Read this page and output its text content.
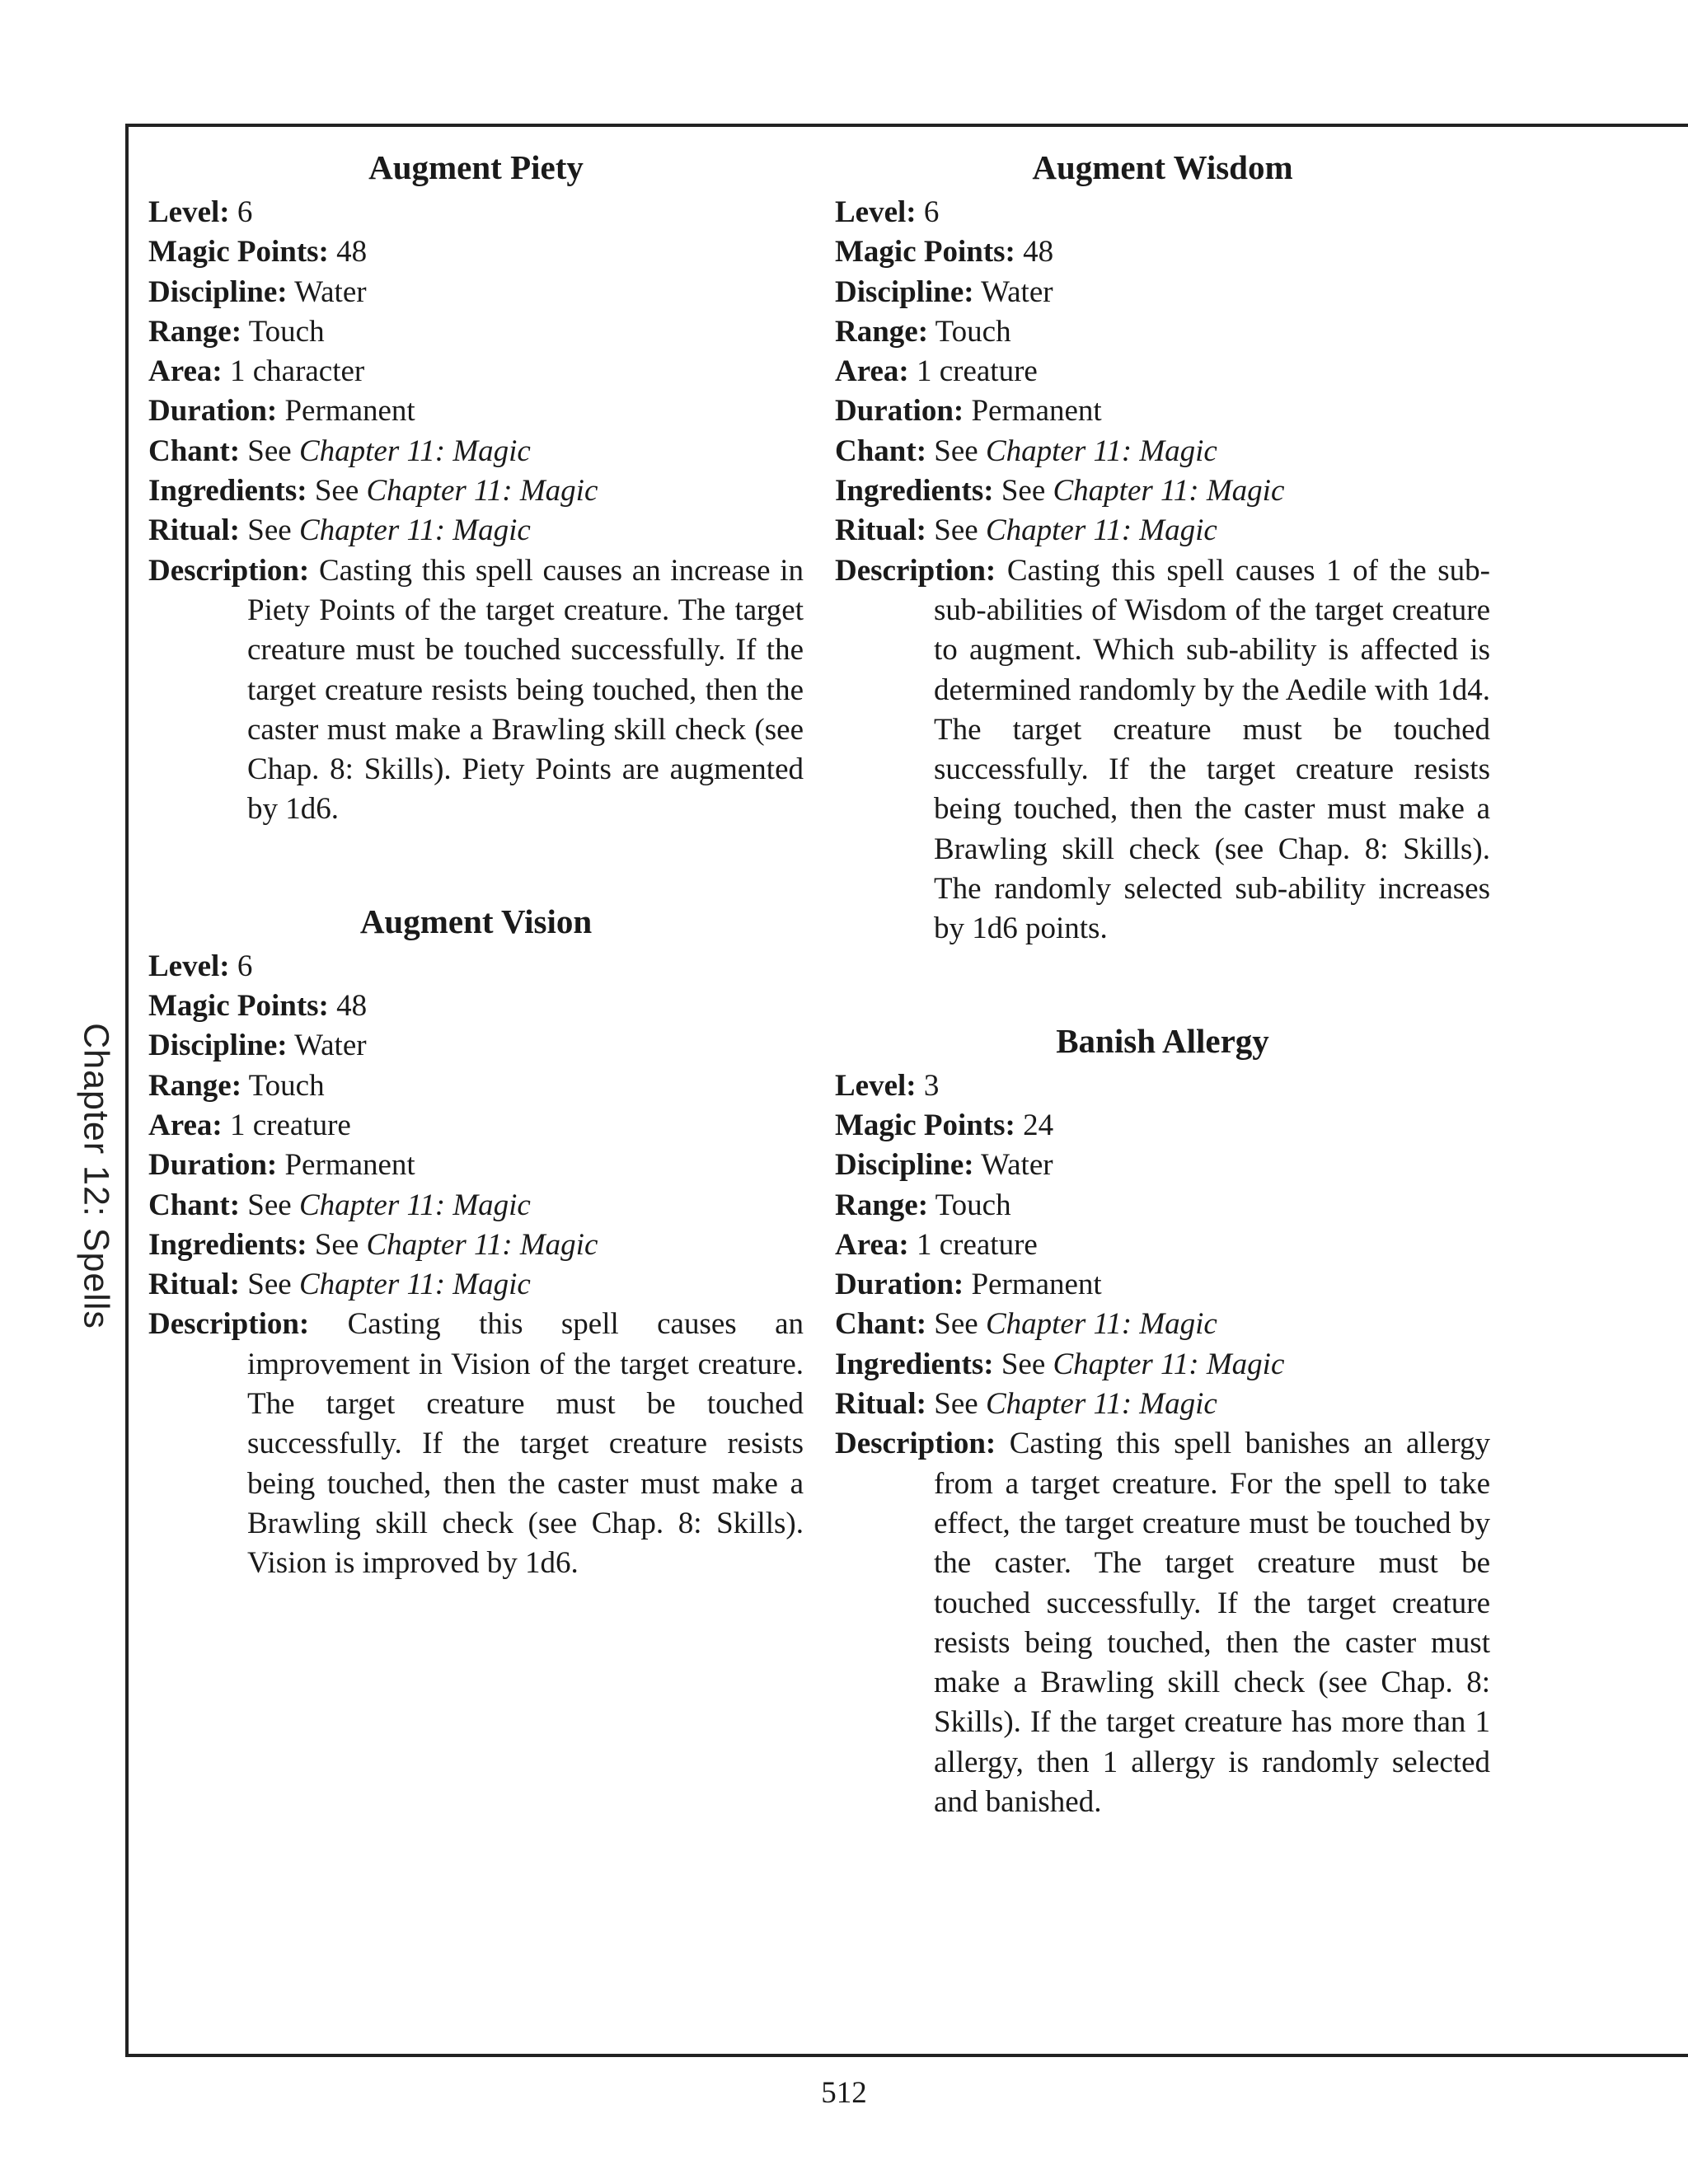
Chapter 12: Spells
Augment Piety
Level: 6
Magic Points: 48
Discipline: Water
Range: Touch
Area: 1 character
Duration: Permanent
Chant: See Chapter 11: Magic
Ingredients: See Chapter 11: Magic
Ritual: See Chapter 11: Magic
Description: Casting this spell causes an increase in Piety Points of the target creature. The target creature must be touched successfully. If the target creature resists being touched, then the caster must make a Brawling skill check (see Chap. 8: Skills). Piety Points are augmented by 1d6.
Augment Vision
Level: 6
Magic Points: 48
Discipline: Water
Range: Touch
Area: 1 creature
Duration: Permanent
Chant: See Chapter 11: Magic
Ingredients: See Chapter 11: Magic
Ritual: See Chapter 11: Magic
Description: Casting this spell causes an improvement in Vision of the target creature. The target creature must be touched successfully. If the target creature resists being touched, then the caster must make a Brawling skill check (see Chap. 8: Skills). Vision is improved by 1d6.
Augment Wisdom
Level: 6
Magic Points: 48
Discipline: Water
Range: Touch
Area: 1 creature
Duration: Permanent
Chant: See Chapter 11: Magic
Ingredients: See Chapter 11: Magic
Ritual: See Chapter 11: Magic
Description: Casting this spell causes 1 of the sub-sub-abilities of Wisdom of the target creature to augment. Which sub-ability is affected is determined randomly by the Aedile with 1d4. The target creature must be touched successfully. If the target creature resists being touched, then the caster must make a Brawling skill check (see Chap. 8: Skills). The randomly selected sub-ability increases by 1d6 points.
Banish Allergy
Level: 3
Magic Points: 24
Discipline: Water
Range: Touch
Area: 1 creature
Duration: Permanent
Chant: See Chapter 11: Magic
Ingredients: See Chapter 11: Magic
Ritual: See Chapter 11: Magic
Description: Casting this spell banishes an allergy from a target creature. For the spell to take effect, the target creature must be touched by the caster. The target creature must be touched successfully. If the target creature resists being touched, then the caster must make a Brawling skill check (see Chap. 8: Skills). If the target creature has more than 1 allergy, then 1 allergy is randomly selected and banished.
512
